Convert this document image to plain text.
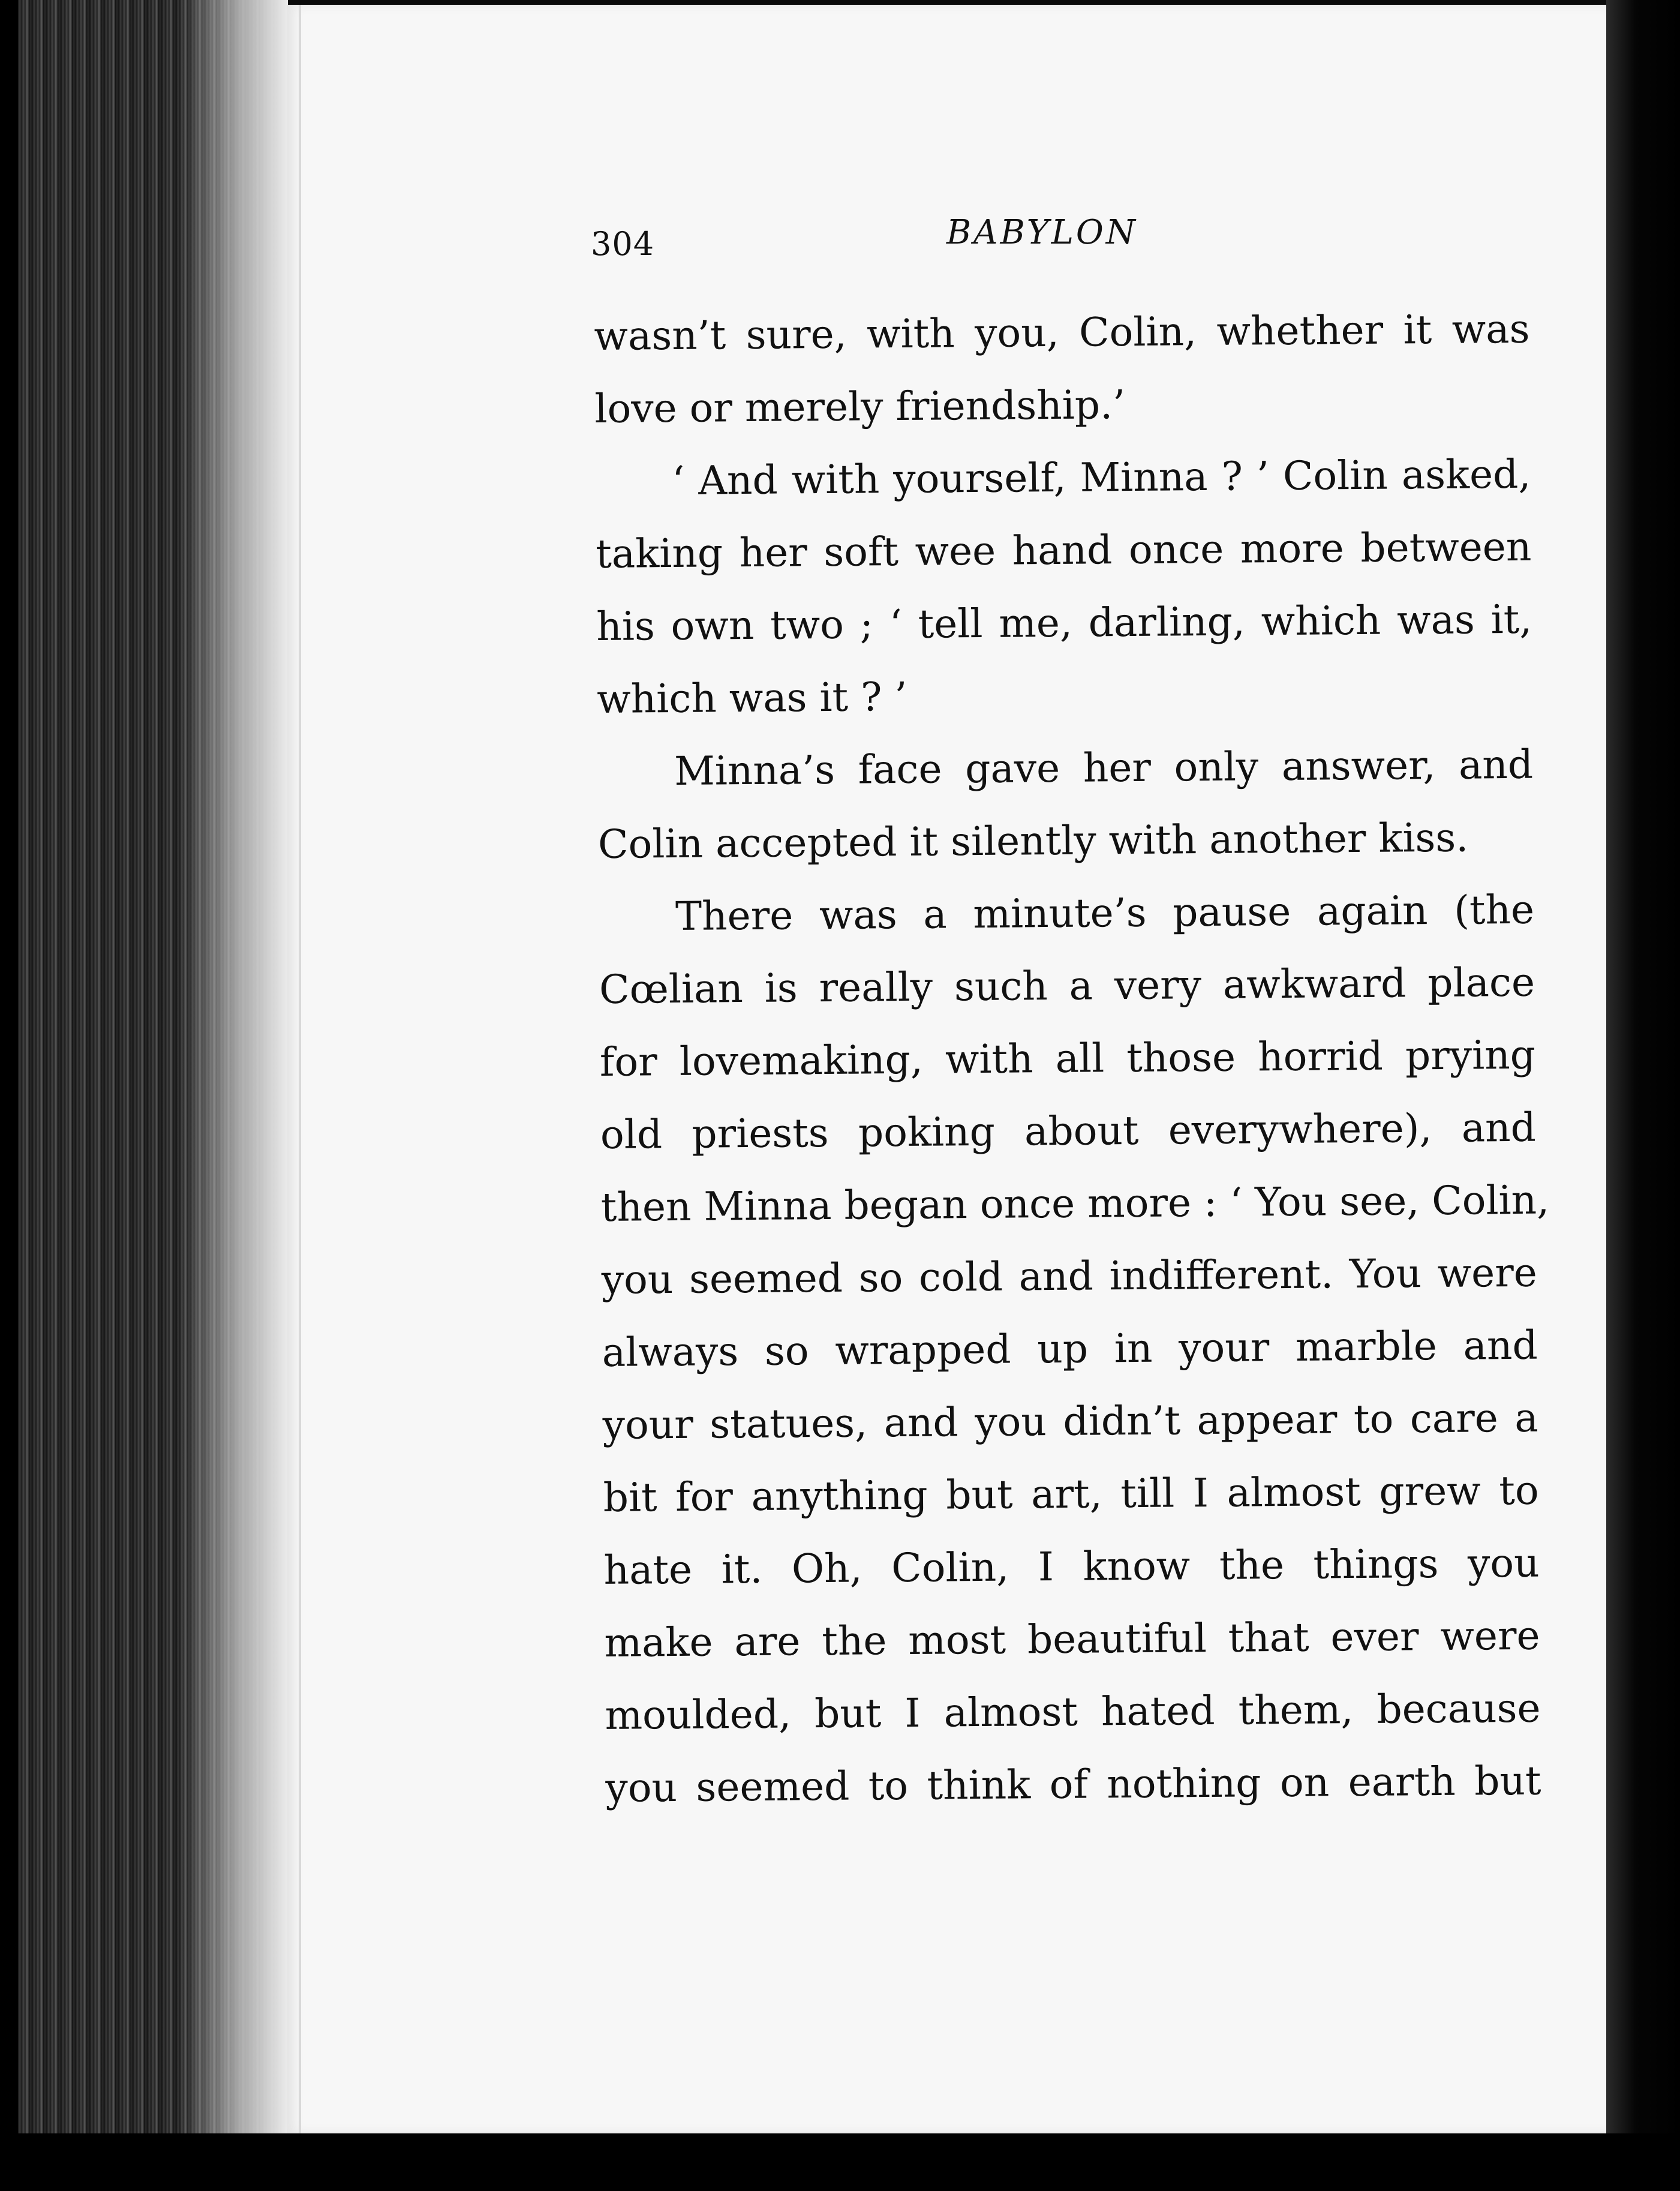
304	BABYLON
wasn’t sure, with you, Colin, whether it was
love or merely friendship.’
‘ And with yourself, Minna ? ’ Colin asked,
taking her soft wee hand once more between
his own two ; ‘ tell me, darling, which was it,
which was it ? ’
Minna’s face gave her only answer, and
Colin accepted it silently with another kiss.
There was a minute’s pause again (the
Cœlian is really such a very awkward place
for lovemaking, with all those horrid prying
old priests poking about everywhere), and
then Minna began once more : ‘ You see, Colin,
you seemed so cold and indifferent. You were
always so wrapped up in your marble and
your statues, and you didn’t appear to care a
bit for anything but art, till I almost grew to
hate it. Oh, Colin, I know the things you
make are the most beautiful that ever were
moulded, but I almost hated them, because
you seemed to think of nothing on earth but
